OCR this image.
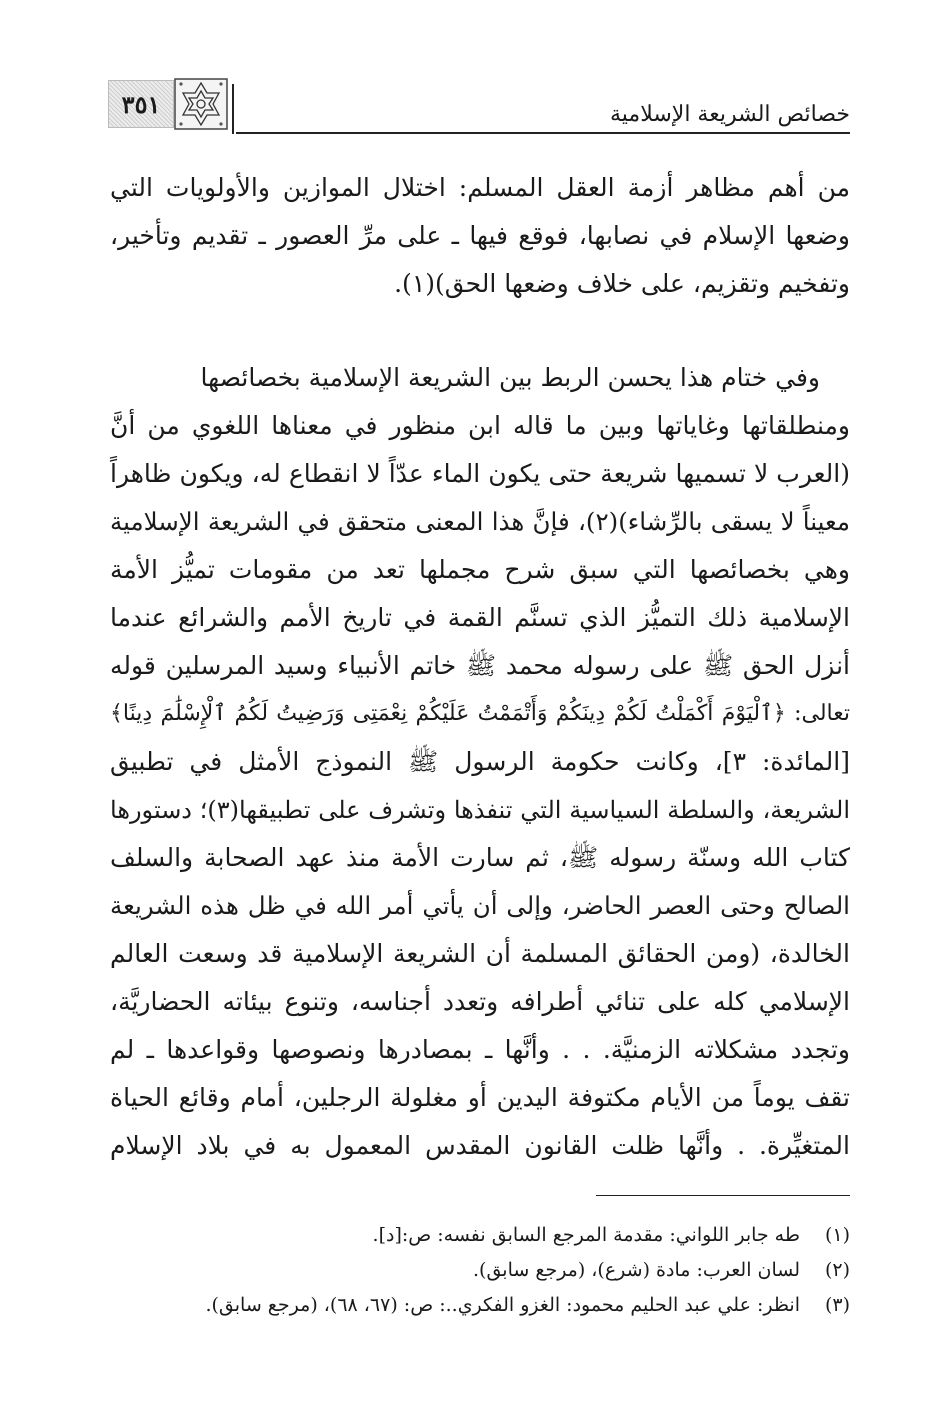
٣٥١	خصائص الشريعة الإسلامية
من أهم مظاهر أزمة العقل المسلم: اختلال الموازين والأولويات التي
وضعها الإسلام في نصابها، فوقع فيها ـ على مرِّ العصور ـ تقديم وتأخير،
وتفخيم وتقزيم، على خلاف وضعها الحق)(١).
وفي ختام هذا يحسن الربط بين الشريعة الإسلامية بخصائصها
ومنطلقاتها وغاياتها وبين ما قاله ابن منظور في معناها اللغوي من أنَّ
(العرب لا تسميها شريعة حتى يكون الماء عدّاً لا انقطاع له، ويكون ظاهراً
معيناً لا يسقى بالرِّشاء)(٢)، فإنَّ هذا المعنى متحقق في الشريعة الإسلامية
وهي بخصائصها التي سبق شرح مجملها تعد من مقومات تميُّز الأمة
الإسلامية ذلك التميُّز الذي تسنَّم القمة في تاريخ الأمم والشرائع عندما
أنزل الحق ﷺ على رسوله محمد ﷺ خاتم الأنبياء وسيد المرسلين قوله
تعالى: ﴿ٱلْيَوْمَ أَكْمَلْتُ لَكُمْ دِينَكُمْ وَأَتْمَمْتُ عَلَيْكُمْ نِعْمَتِى وَرَضِيتُ لَكُمُ ٱلْإِسْلَٰمَ دِينًا﴾
[المائدة: ٣]، وكانت حكومة الرسول ﷺ النموذج الأمثل في تطبيق
الشريعة، والسلطة السياسية التي تنفذها وتشرف على تطبيقها(٣)؛ دستورها
كتاب الله وسنّة رسوله ﷺ، ثم سارت الأمة منذ عهد الصحابة والسلف
الصالح وحتى العصر الحاضر، وإلى أن يأتي أمر الله في ظل هذه الشريعة
الخالدة، (ومن الحقائق المسلمة أن الشريعة الإسلامية قد وسعت العالم
الإسلامي كله على تنائي أطرافه وتعدد أجناسه، وتنوع بيئاته الحضاريَّة،
وتجدد مشكلاته الزمنيَّة. . . وأنَّها ـ بمصادرها ونصوصها وقواعدها ـ لم
تقف يوماً من الأيام مكتوفة اليدين أو مغلولة الرجلين، أمام وقائع الحياة
المتغيِّرة. . وأنَّها ظلت القانون المقدس المعمول به في بلاد الإسلام
(١)
طه جابر اللواني: مقدمة المرجع السابق نفسه: ص:[د].
(٢)
لسان العرب: مادة (شرع)، (مرجع سابق).
(٣)
انظر: علي عبد الحليم محمود: الغزو الفكري..: ص: (٦٧، ٦٨)، (مرجع سابق).
